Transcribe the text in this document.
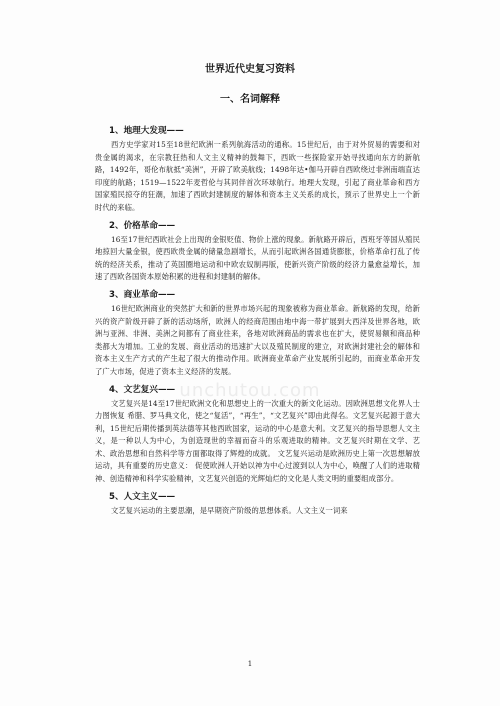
世界近代史复习资料
一、名词解释
1、地理大发现——
西方史学家对15至18世纪欧洲一系列航海活动的通称。15世纪后，由于对外贸易的需要和对贵金属的渴求，在宗教狂热和人文主义精神的鼓舞下，西欧一些探险家开始寻找通向东方的新航路，1492年，哥伦布航抵“美洲”，开辟了欧美航线；1498年达•伽马开辟自西欧绕过非洲南端直达印度的航路；1519—1522年麦哲伦与其同伴首次环球航行。地理大发现，引起了商业革命和西方国家殖民掠夺的狂潮，加速了西欧封建制度的解体和资本主义关系的成长，预示了世界史上一个新时代的来临。
2、价格革命——
16至17世纪西欧社会上出现的金银贬值、物价上涨的现象。新航路开辟后，西班牙等国从殖民地掠回大量金银，使西欧贵金属的储量急剧增长，从而引起欧洲各国通货膨胀，价格革命打乱了传统的经济关系，推动了英国圈地运动和中欧农奴制再版，使新兴资产阶级的经济力量愈益增长，加速了西欧各国资本原始积累的进程和封建制的解体。
3、商业革命——
16世纪欧洲商业的突然扩大和新的世界市场兴起的现象被称为商业革命。新航路的发现，给新兴的资产阶级开辟了新的活动场所，欧洲人的经商范围由地中海一带扩展到大西洋及世界各地，欧洲与亚洲、非洲、美洲之间都有了商业往来，各地对欧洲商品的需求也在扩大，使贸易额和商品种类都大为增加。工业的发展、商业活动的迅速扩大以及殖民制度的建立，对欧洲封建社会的解体和资本主义生产方式的产生起了很大的推动作用。欧洲商业革命产业发展所引起的，而商业革命开发了广大市场，促进了资本主义经济的发展。
4、文艺复兴——
文艺复兴是14至17世纪欧洲文化和思想史上的一次重大的新文化运动。因欧洲思想文化界人士力图恢复 希腊、罗马典文化，使之“复活”，“再生”，“文艺复兴”即由此得名。文艺复兴起源于意大利，15世纪后期传播到英法德等其他西欧国家，运动的中心是意大利。文艺复兴的指导思想人文主义，是一种以人为中心，为创造现世的幸福而奋斗的乐观进取的精神。文艺复兴时期在文学、艺术、政治思想和自然科学等方面都取得了辉煌的成就。 文艺复兴运动是欧洲历史上第一次思想解放运动，具有重要的历史意义： 促使欧洲人开始以神为中心过渡到以人为中心，唤醒了人们的进取精神、创造精神和科学实验精神，文艺复兴创造的光辉灿烂的文化是人类文明的重要组成部分。
5、人文主义——
文艺复兴运动的主要思潮，是早期资产阶级的思想体系。人文主义一词来
unchutou.com
1
